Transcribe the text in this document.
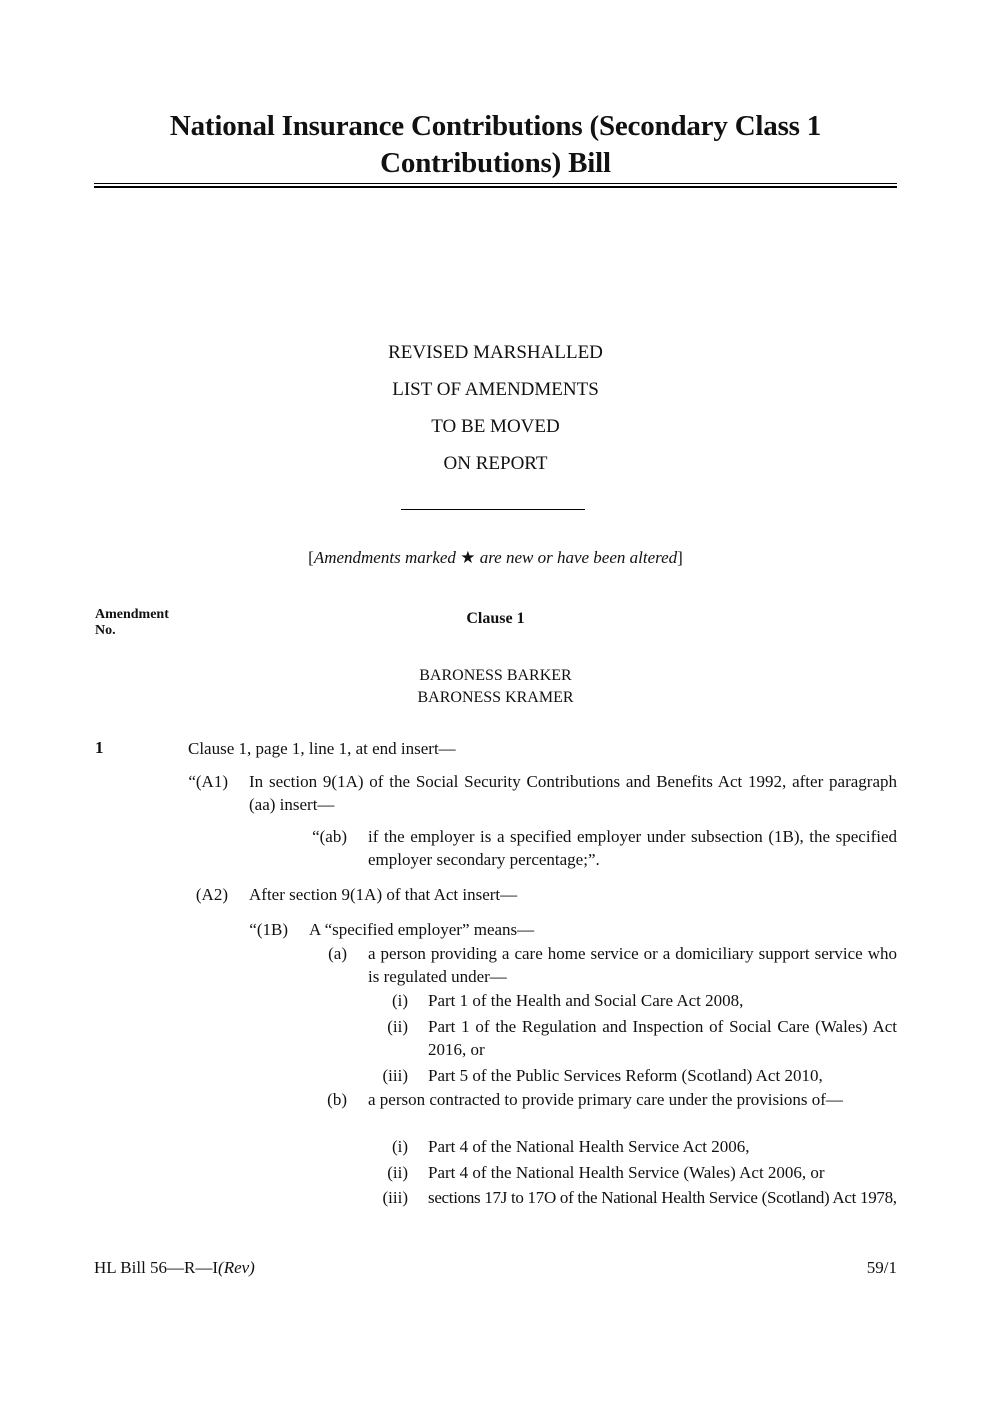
National Insurance Contributions (Secondary Class 1
Contributions) Bill
REVISED MARSHALLED
LIST OF AMENDMENTS
TO BE MOVED
ON REPORT
[Amendments marked ★ are new or have been altered]
Amendment
No.
Clause 1
BARONESS BARKER
BARONESS KRAMER
1	Clause 1, page 1, line 1, at end insert—
“(A1) In section 9(1A) of the Social Security Contributions and Benefits Act 1992, after paragraph (aa) insert—
“(ab) if the employer is a specified employer under subsection (1B), the specified employer secondary percentage;”.
(A2) After section 9(1A) of that Act insert—
“(1B) A “specified employer” means—
(a) a person providing a care home service or a domiciliary support service who is regulated under—
(i) Part 1 of the Health and Social Care Act 2008,
(ii) Part 1 of the Regulation and Inspection of Social Care (Wales) Act 2016, or
(iii) Part 5 of the Public Services Reform (Scotland) Act 2010,
(b) a person contracted to provide primary care under the provisions of—
(i) Part 4 of the National Health Service Act 2006,
(ii) Part 4 of the National Health Service (Wales) Act 2006, or
(iii) sections 17J to 17O of the National Health Service (Scotland) Act 1978,
HL Bill 56—R—I(Rev)	59/1
